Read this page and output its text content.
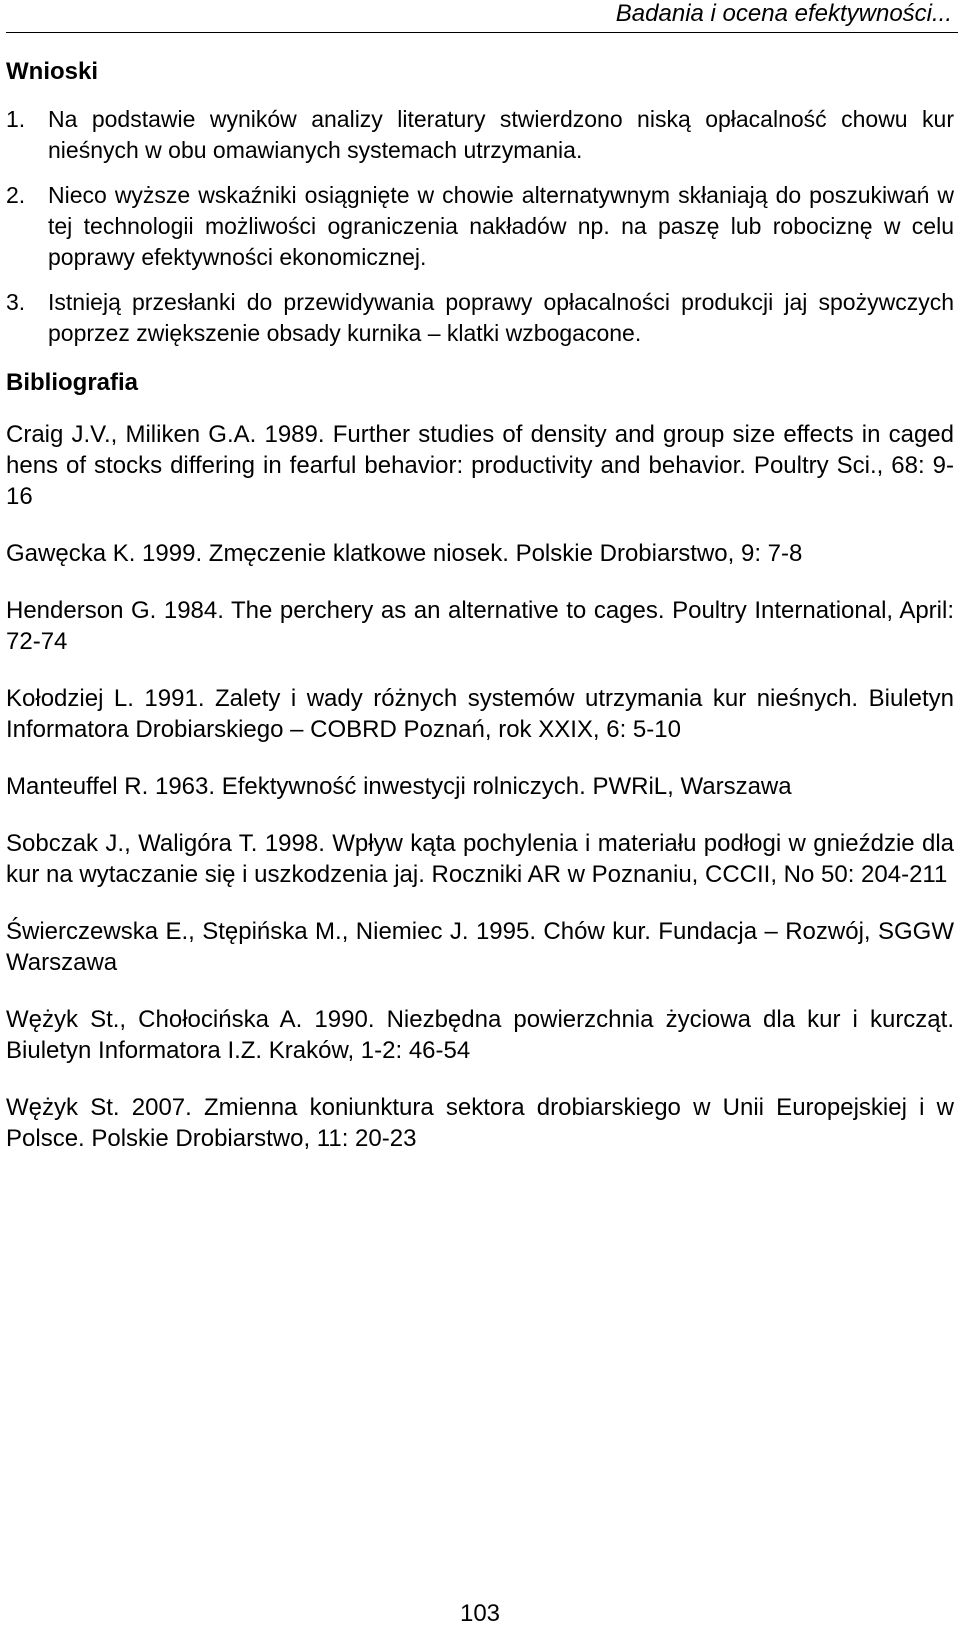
Badania i ocena efektywności...
Wnioski
1. Na podstawie wyników analizy literatury stwierdzono niską opłacalność chowu kur nieśnych w obu omawianych systemach utrzymania.
2. Nieco wyższe wskaźniki osiągnięte w chowie alternatywnym skłaniają do poszukiwań w tej technologii możliwości ograniczenia nakładów np. na paszę lub robociznę w celu poprawy efektywności ekonomicznej.
3. Istnieją przesłanki do przewidywania poprawy opłacalności produkcji jaj spożywczych poprzez zwiększenie obsady kurnika – klatki wzbogacone.
Bibliografia
Craig J.V., Miliken G.A. 1989. Further studies of density and group size effects in caged hens of stocks differing in fearful behavior: productivity and behavior. Poultry Sci., 68: 9-16
Gawęcka K. 1999. Zmęczenie klatkowe niosek. Polskie Drobiarstwo, 9: 7-8
Henderson G. 1984. The perchery as an alternative to cages. Poultry International, April: 72-74
Kołodziej L. 1991. Zalety i wady różnych systemów utrzymania kur nieśnych. Biuletyn Informatora Drobiarskiego – COBRD Poznań, rok XXIX, 6: 5-10
Manteuffel R. 1963. Efektywność inwestycji rolniczych. PWRiL, Warszawa
Sobczak J., Waligóra T. 1998. Wpływ kąta pochylenia i materiału podłogi w gnieździe dla kur na wytaczanie się i uszkodzenia jaj. Roczniki AR w Poznaniu, CCCII, No 50: 204-211
Świerczewska E., Stępińska M., Niemiec J. 1995. Chów kur. Fundacja – Rozwój, SGGW Warszawa
Wężyk St., Chołocińska A. 1990. Niezbędna powierzchnia życiowa dla kur i kurcząt. Biuletyn Informatora I.Z. Kraków, 1-2: 46-54
Wężyk St. 2007. Zmienna koniunktura sektora drobiarskiego w Unii Europejskiej i w Polsce. Polskie Drobiarstwo, 11: 20-23
103
